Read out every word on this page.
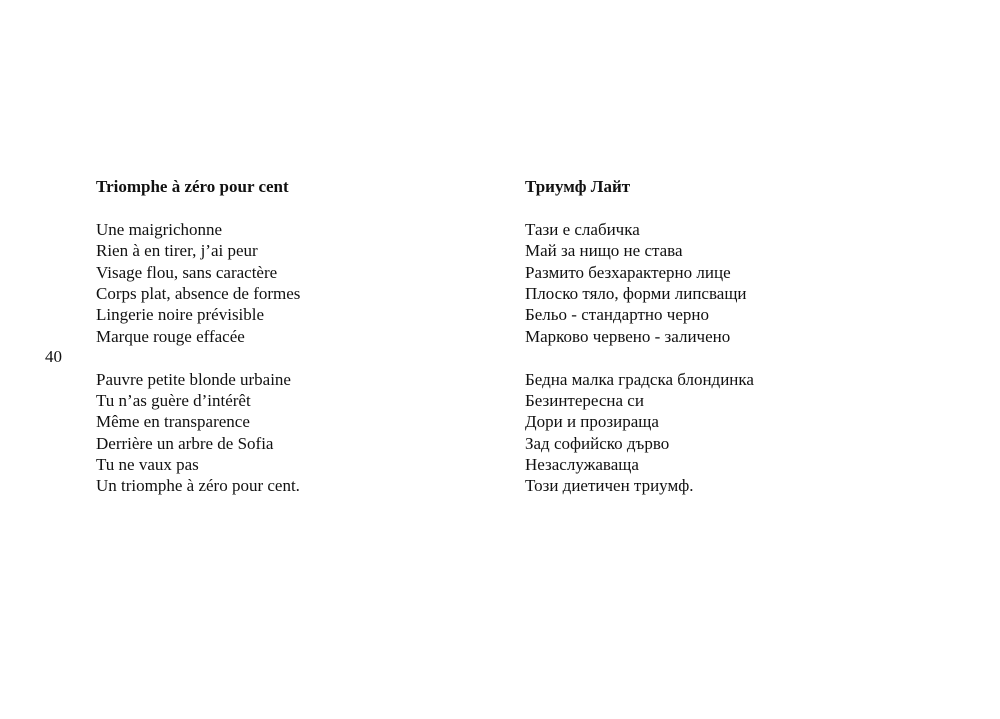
40
Triomphe à zéro pour cent
Une maigrichonne
Rien à en tirer, j’ai peur
Visage flou, sans caractère
Corps plat, absence de formes
Lingerie noire prévisible
Marque rouge effacée
Pauvre petite blonde urbaine
Tu n’as guère d’intérêt
Même en transparence
Derrière un arbre de Sofia
Tu ne vaux pas
Un triomphe à zéro pour cent.
Триумф Лайт
Тази е слабичка
Май за нищо не става
Размито безхарактерно лице
Плоско тяло, форми липсващи
Бельо - стандартно черно
Марково червено - заличено
Бедна малка градска блондинка
Безинтересна си
Дори и прозираща
Зад софийско дърво
Незаслужаваща
Този диетичен триумф.
